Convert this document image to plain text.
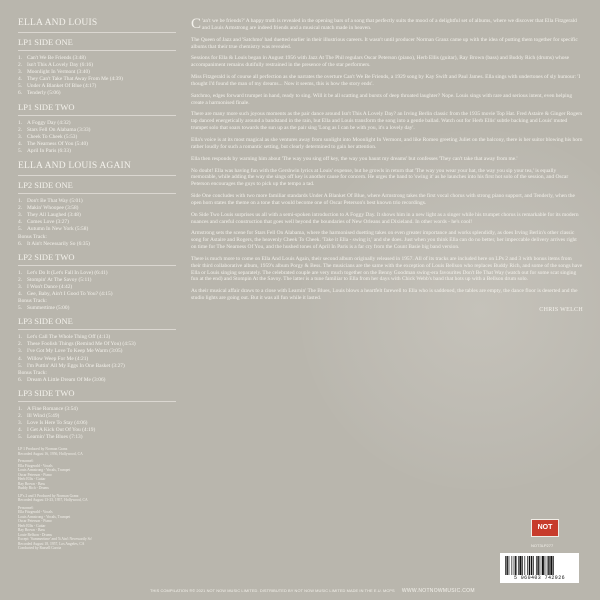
ELLA AND LOUIS
LP1 SIDE ONE
1. Can't We Be Friends (3:48)
2. Isn't This A Lovely Day (6:16)
3. Moonlight In Vermont (3:40)
4. They Can't Take That Away From Me (4:39)
5. Under A Blanket Of Blue (4:17)
6. Tenderly (5:06)
LP1 SIDE TWO
1. A Foggy Day (4:32)
2. Stars Fell On Alabama (3:33)
3. Cheek To Cheek (5:53)
4. The Nearness Of You (5:40)
5. April In Paris (6:33)
ELLA AND LOUIS AGAIN
LP2 SIDE ONE
1. Don't Be That Way (5:01)
2. Makin' Whoopee (3:58)
3. They All Laughed (3:48)
4. Comes Love (3:27)
5. Autumn In New York (5:58)
Bonus Track:
6. It Ain't Necessarily So (6:35)
LP2 SIDE TWO
1. Let's Do It (Let's Fall In Love) (6:41)
2. Stompin' At The Savoy (5:11)
3. I Won't Dance (4:42)
4. Gee, Baby, Ain't I Good To You? (4:15)
Bonus Track:
5. Summertime (5:00)
LP3 SIDE ONE
1. Let's Call The Whole Thing Off (4:13)
2. These Foolish Things (Remind Me Of You) (4:53)
3. I've Got My Love To Keep Me Warm (3:05)
4. Willow Weep For Me (4:21)
5. I'm Puttin' All My Eggs In One Basket (3:27)
Bonus Track:
6. Dream A Little Dream Of Me (3:06)
LP3 SIDE TWO
1. A Fine Romance (3:54)
2. Ill Wind (5:49)
3. Love Is Here To Stay (4:06)
4. I Get A Kick Out Of You (4:19)
5. Learnin' The Blues (7:13)
LP 1 Produced by Norman Granz
Recorded August 16, 1956, Hollywood, CA
Personnel:
Ella Fitzgerald - Vocals
Louis Armstrong - Vocals, Trumpet
Oscar Peterson - Piano
Herb Ellis - Guitar
Ray Brown - Bass
Buddy Rich - Drums
LP's 2 and 3 Produced by Norman Granz
Recorded August 13-23, 1957, Hollywood, CA
Personnel:
Ella Fitzgerald - Vocals
Louis Armstrong - Vocals, Trumpet
Oscar Peterson - Piano
Herb Ellis - Guitar
Ray Brown - Bass
Louie Bellson - Drums
Except: 'Summertime' and 'It Ain't Necessarily So'
Recorded August 18, 1957, Los Angeles, CA
Conducted by Russell Garcia

C 'an't we be friends?' A happy truth is revealed in the opening bars of a song that perfectly suits the mood of a delightful set of albums, where we discover that Ella Fitzgerald and Louis Armstrong are indeed friends and a musical match made in heaven.

The Queen of Jazz and 'Satchmo' had duetted earlier in their illustrious careers. It wasn't until producer Norman Granz came up with the idea of putting them together for specific albums that their true chemistry was revealed.

Sessions for Ella & Louis began in August 1956 with Jazz At The Phil regulars Oscar Peterson (piano), Herb Ellis (guitar), Ray Brown (bass) and Buddy Rich (drums) whose accompaniment remains dutifully restrained in the presence of the star performers.

Miss Fitzgerald is of course all perfection as she narrates the overture Can't We Be Friends, a 1929 song by Kay Swift and Paul James. Ella sings with undertones of sly humour: 'I thought I'd found the man of my dreams... Now it seems, this is how the story ends'.

Satchmo, edges forward trumpet in hand, ready to sing. Will it be all scatting and bursts of deep throated laughter? Nope. Louis sings with rare and serious intent, even helping create a harmonised finale.

There are many more such joyous moments as the pair dance around Isn't This A Lovely Day? an Irving Berlin classic from the 1935 movie Top Hat. Fred Astaire & Ginger Rogers tap danced energetically around a bandstand in the rain, but Ella and Louis transform the song into a gentle ballad. Watch out for Herb Ellis' subtle backing and Louis' muted trumpet solo that soars towards the sun up as the pair sing 'Long as I can be with you, it's a lovely day'.

Ella's voice is at its most magical as she ventures away from sunlight into Moonlight In Vermont, and like Romeo greeting Juliet on the balcony, there is her suitor blowing his horn rather loudly for such a romantic setting, but clearly determined to gain her attention.

Ella then responds by warning him about 'The way you sing off key, the way you haunt my dreams' but confesses 'They can't take that away from me.'

No doubt! Ella was having fun with the Gershwin lyrics at Louis' expense, but he growls in return that 'The way you wear your hat, the way you sip your tea,' is equally memorable, while adding the way she sings off key is another cause for concern. He urges the band to 'swing it' as he launches into his first hot solo of the session, and Oscar Peterson encourages the guys to pick up the tempo a tad.

Side One concludes with two more familiar standards Under A Blanket Of Blue, where Armstrong takes the first vocal chorus with strong piano support, and Tenderly, when the open horn states the theme on a tone that would become one of Oscar Peterson's best known trio recordings.

On Side Two Louis surprises us all with a semi-spoken introduction to A Foggy Day. It shows him in a new light as a singer while his trumpet chorus is remarkable for its modern nuances and careful construction that goes well beyond the boundaries of New Orleans and Dixieland. In other words - he's cool!

Armstrong sets the scene for Stars Fell On Alabama, where the harmonised duetting takes on even greater importance and works splendidly, as does Irving Berlin's other classic song for Astaire and Rogers, the heavenly Cheek To Cheek. 'Take it Ella - swing it,' and she does. Just when you think Ella can do no better, her impeccable delivery arrives right on time for The Nearness Of You, and the hushed tones of April In Paris is a far cry from the Count Basie big band version.

There is much more to come on Ella And Louis Again, their second album originally released in 1957. All of its tracks are included here on LPs 2 and 3 with bonus items from their third collaborative album, 1959's album Porgy & Bess. The musicians are the same with the exception of Louis Bellson who replaces Buddy Rich, and some of the songs have Ella or Louis singing separately. The celebrated couple are very much together on the Benny Goodman swing-era favourites Don't Be That Way (watch out for some scat singing fun at the end) and Stompin At the Savoy. The latter is a tune familiar to Ella from her days with Chick Webb's band that hots up with a Bellson drum solo.

As their musical affair draws to a close with Learnin' The Blues, Louis blows a heartfelt farewell to Ella who is saddened, the tables are empty, the dance floor is deserted and the studio lights are going out. But it was all fun while it lasted.

CHRIS WELCH
NOT
NOT3LP277
5 060403 742926
THIS COMPILATION ℗© 2021 NOT NOW MUSIC LIMITED. DISTRIBUTED BY NOT NOW MUSIC LIMITED MADE IN THE E.U. MCPS WWW.NOTNOWMUSIC.COM
